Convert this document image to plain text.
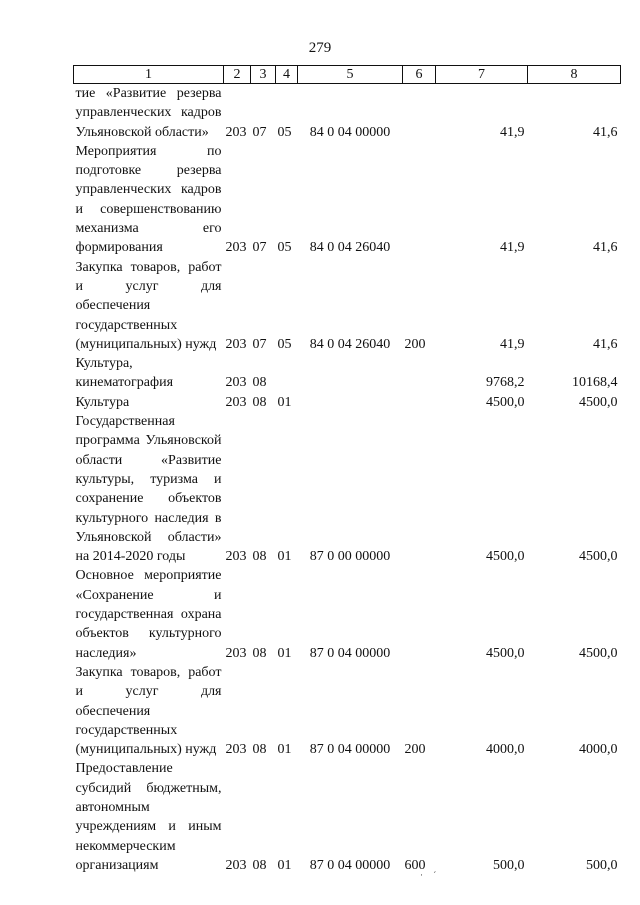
279
1	2	3	4	5	6	7	8
тие «Развитие резерва управленческих кадров Ульяновской области»	203	07	05	84 0 04 00000		41,9	41,6
Мероприятия по подготовке резерва управленческих кадров и совершенствованию механизма его формирования	203	07	05	84 0 04 26040		41,9	41,6
Закупка товаров, работ и услуг для обеспечения государственных (муниципальных) нужд	203	07	05	84 0 04 26040	200	41,9	41,6
Культура, кинематография	203	08				9768,2	10168,4
Культура	203	08	01			4500,0	4500,0
Государственная программа Ульяновской области «Развитие культуры, туризма и сохранение объектов культурного наследия в Ульяновской области» на 2014-2020 годы	203	08	01	87 0 00 00000		4500,0	4500,0
Основное мероприятие «Сохранение и государственная охрана объектов культурного наследия»	203	08	01	87 0 04 00000		4500,0	4500,0
Закупка товаров, работ и услуг для обеспечения государственных (муниципальных) нужд	203	08	01	87 0 04 00000	200	4000,0	4000,0
Предоставление субсидий бюджетным, автономным учреждениям и иным некоммерческим организациям	203	08	01	87 0 04 00000	600	500,0	500,0
· ˊ
